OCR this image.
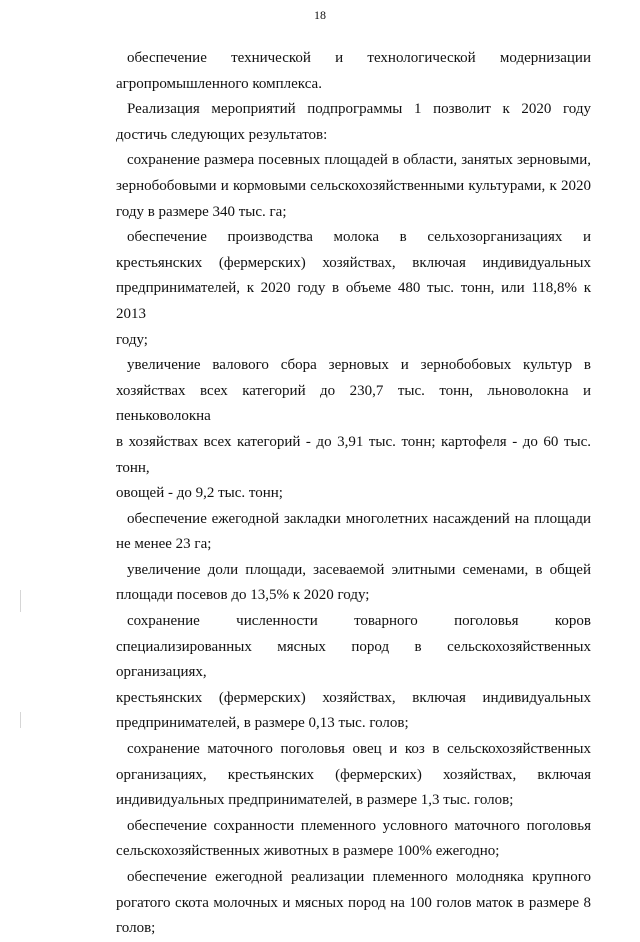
18

обеспечение технической и технологической модернизации
агропромышленного комплекса.

Реализация мероприятий подпрограммы 1 позволит к 2020 году
достичь следующих результатов:

сохранение размера посевных площадей в области, занятых зерновыми,
зернобобовыми и кормовыми сельскохозяйственными культурами, к 2020
году в размере 340 тыс. га;

обеспечение производства молока в сельхозорганизациях и
крестьянских (фермерских) хозяйствах, включая индивидуальных
предпринимателей, к 2020 году в объеме 480 тыс. тонн, или 118,8% к 2013
году;

увеличение валового сбора зерновых и зернобобовых культур в
хозяйствах всех категорий до 230,7 тыс. тонн, льноволокна и пеньковолокна
в хозяйствах всех категорий - до 3,91 тыс. тонн; картофеля - до 60 тыс. тонн,
овощей - до 9,2 тыс. тонн;

обеспечение ежегодной закладки многолетних насаждений на площади
не менее 23 га;

увеличение доли площади, засеваемой элитными семенами, в общей
площади посевов до 13,5% к 2020 году;

сохранение численности товарного поголовья коров
специализированных мясных пород в сельскохозяйственных организациях,
крестьянских (фермерских) хозяйствах, включая индивидуальных
предпринимателей, в размере 0,13 тыс. голов;

сохранение маточного поголовья овец и коз в сельскохозяйственных
организациях, крестьянских (фермерских) хозяйствах, включая
индивидуальных предпринимателей, в размере 1,3 тыс. голов;

обеспечение сохранности племенного условного маточного поголовья
сельскохозяйственных животных в размере 100% ежегодно;

обеспечение ежегодной реализации племенного молодняка крупного
рогатого скота молочных и мясных пород на 100 голов маток в размере 8
голов;
